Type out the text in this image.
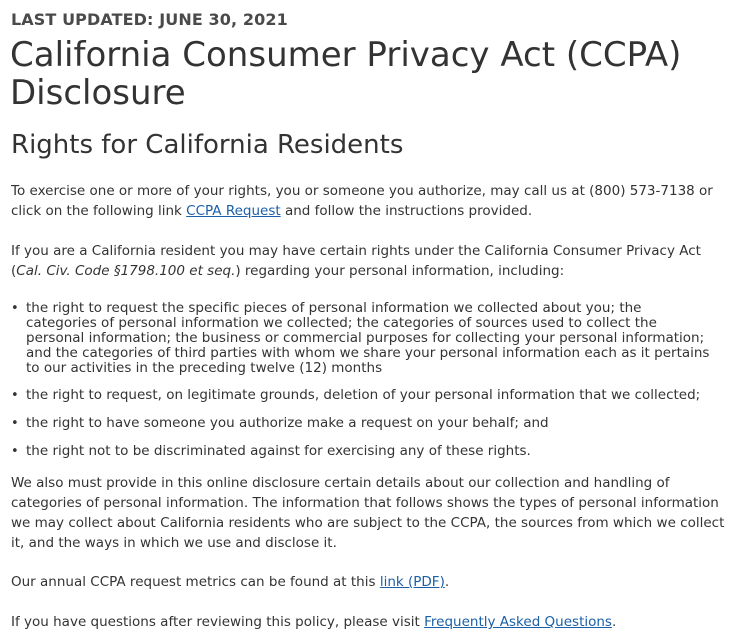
LAST UPDATED: JUNE 30, 2021
California Consumer Privacy Act (CCPA) Disclosure
Rights for California Residents

To exercise one or more of your rights, you or someone you authorize, may call us at (800) 573-7138 or click on the following link CCPA Request and follow the instructions provided.

If you are a California resident you may have certain rights under the California Consumer Privacy Act (Cal. Civ. Code §1798.100 et seq.) regarding your personal information, including:

• the right to request the specific pieces of personal information we collected about you; the categories of personal information we collected; the categories of sources used to collect the personal information; the business or commercial purposes for collecting your personal information; and the categories of third parties with whom we share your personal information each as it pertains to our activities in the preceding twelve (12) months
• the right to request, on legitimate grounds, deletion of your personal information that we collected;
• the right to have someone you authorize make a request on your behalf; and
• the right not to be discriminated against for exercising any of these rights.

We also must provide in this online disclosure certain details about our collection and handling of categories of personal information. The information that follows shows the types of personal information we may collect about California residents who are subject to the CCPA, the sources from which we collect it, and the ways in which we use and disclose it.

Our annual CCPA request metrics can be found at this link (PDF).

If you have questions after reviewing this policy, please visit Frequently Asked Questions.
